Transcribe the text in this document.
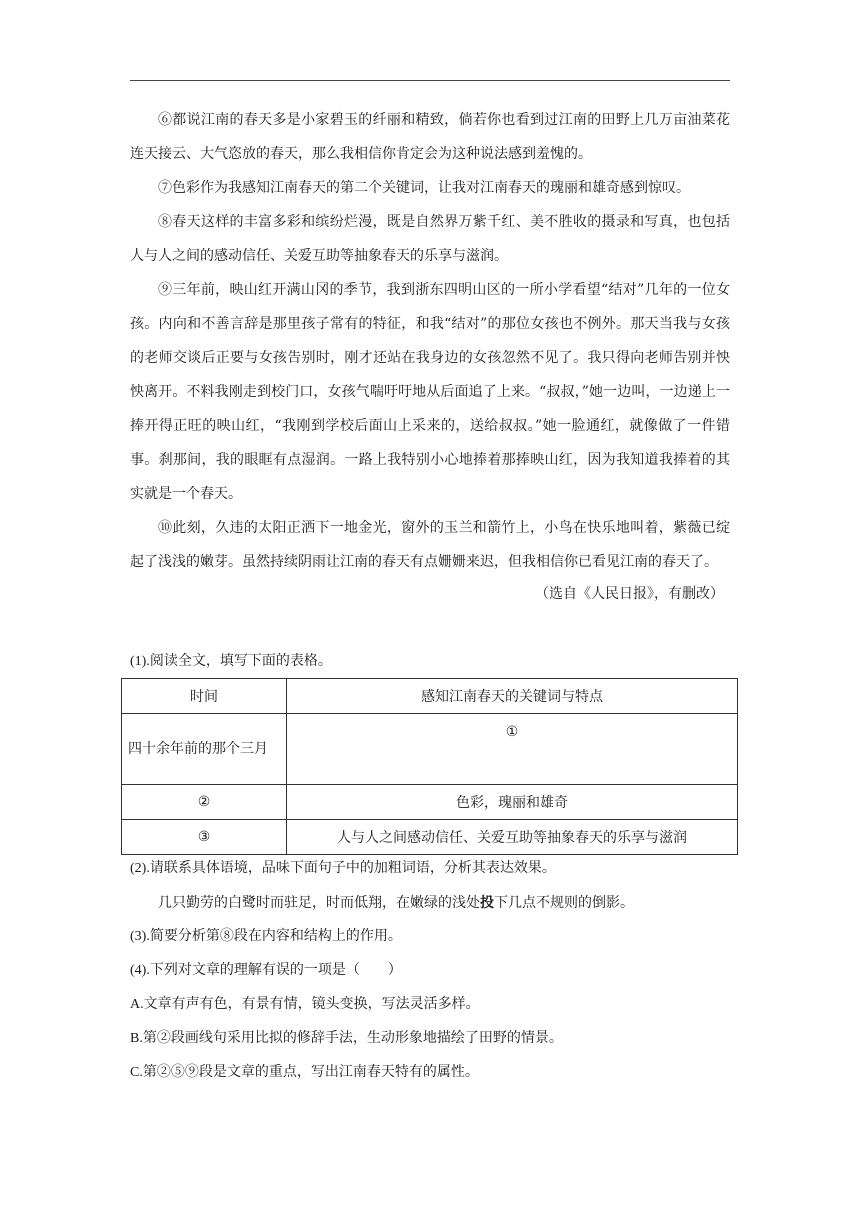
⑥都说江南的春天多是小家碧玉的纤丽和精致，倘若你也看到过江南的田野上几万亩油菜花连天接云、大气恣放的春天，那么我相信你肯定会为这种说法感到羞愧的。

⑦色彩作为我感知江南春天的第二个关键词，让我对江南春天的瑰丽和雄奇感到惊叹。

⑧春天这样的丰富多彩和缤纷烂漫，既是自然界万紫千红、美不胜收的摄录和写真，也包括人与人之间的感动信任、关爱互助等抽象春天的乐享与滋润。

⑨三年前，映山红开满山冈的季节，我到浙东四明山区的一所小学看望“结对”几年的一位女孩。内向和不善言辞是那里孩子常有的特征，和我“结对”的那位女孩也不例外。那天当我与女孩的老师交谈后正要与女孩告别时，刚才还站在我身边的女孩忽然不见了。我只得向老师告别并怏怏离开。不料我刚走到校门口，女孩气喘吁吁地从后面追了上来。“叔叔，”她一边叫，一边递上一捧开得正旺的映山红，“我刚到学校后面山上采来的，送给叔叔。”她一脸通红，就像做了一件错事。刹那间，我的眼眶有点湿润。一路上我特别小心地捧着那捧映山红，因为我知道我捧着的其实就是一个春天。

⑩此刻，久违的太阳正洒下一地金光，窗外的玉兰和箭竹上，小鸟在快乐地叫着，紫薇已绽起了浅浅的嫩芽。虽然持续阴雨让江南的春天有点姗姗来迟，但我相信你已看见江南的春天了。

（选自《人民日报》，有删改）

(1).阅读全文，填写下面的表格。

时间	感知江南春天的关键词与特点
四十余年前的那个三月	①
②	色彩，瑰丽和雄奇
③	人与人之间感动信任、关爱互助等抽象春天的乐享与滋润

(2).请联系具体语境，品味下面句子中的加粗词语，分析其表达效果。

几只勤劳的白鹭时而驻足，时而低翔，在嫩绿的浅处投下几点不规则的倒影。

(3).简要分析第⑧段在内容和结构上的作用。

(4).下列对文章的理解有误的一项是（　　）

A.文章有声有色，有景有情，镜头变换，写法灵活多样。

B.第②段画线句采用比拟的修辞手法，生动形象地描绘了田野的情景。

C.第②⑤⑨段是文章的重点，写出江南春天特有的属性。
